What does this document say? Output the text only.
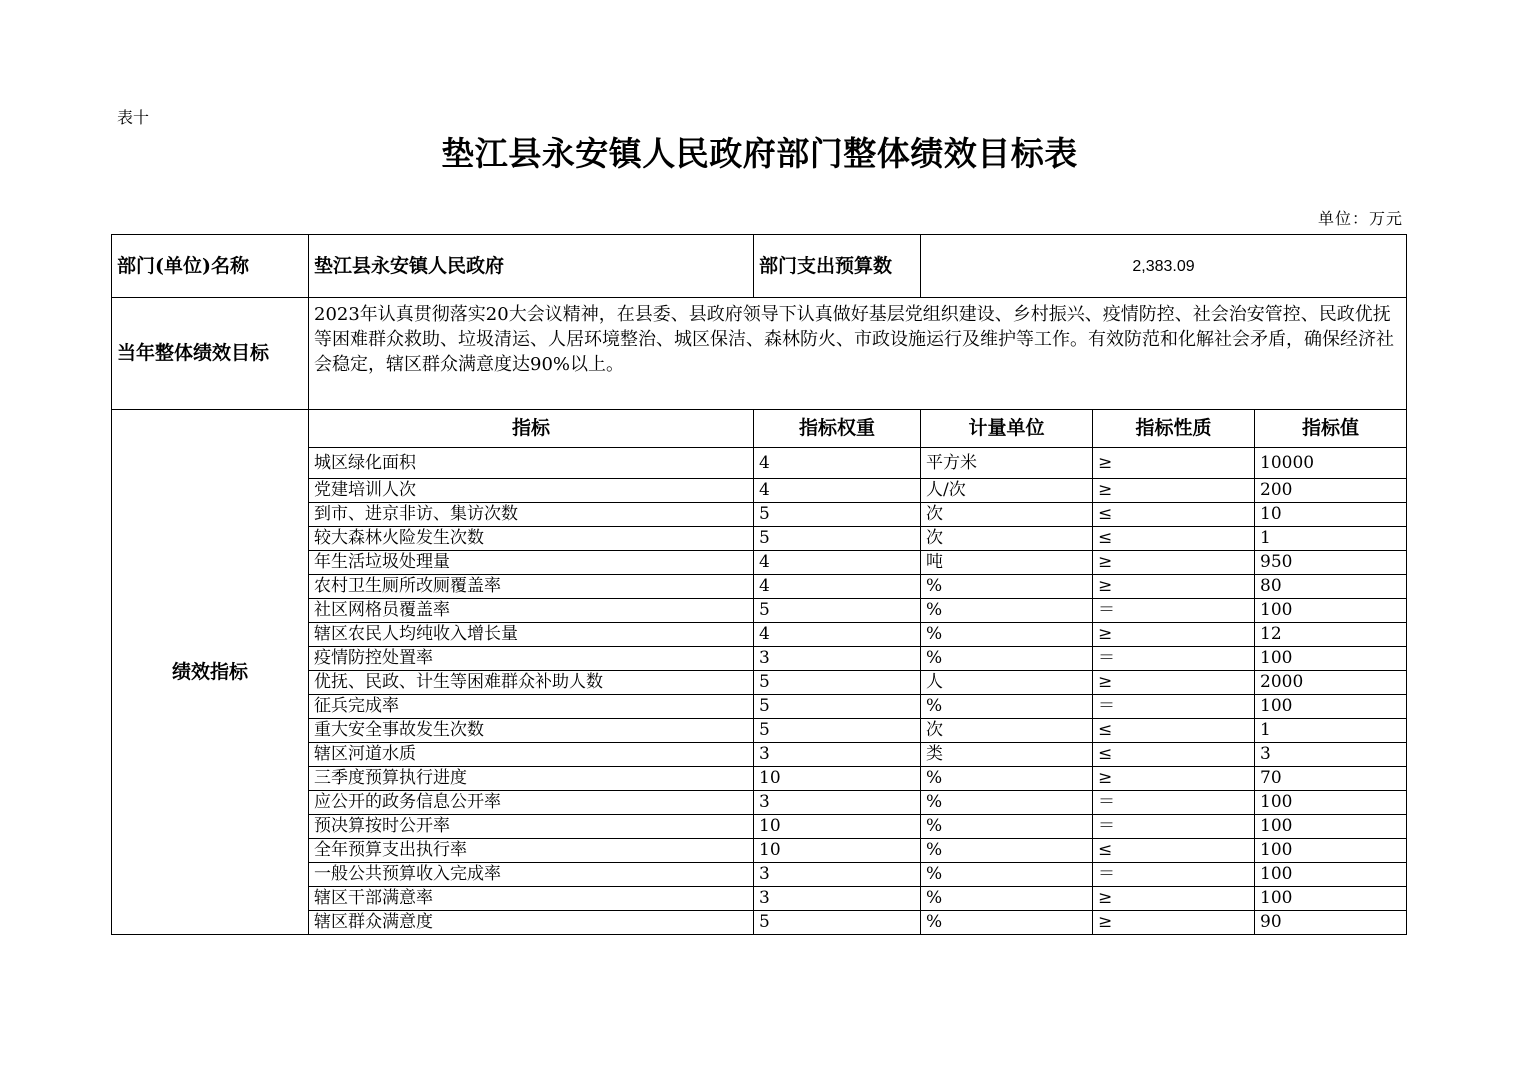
表十
垫江县永安镇人民政府部门整体绩效目标表
单位：万元
部门(单位)名称	垫江县永安镇人民政府	部门支出预算数	2,383.09		
当年整体绩效目标	2023年认真贯彻落实20大会议精神，在县委、县政府领导下认真做好基层党组织建设、乡村振兴、疫情防控、社会治安管控、民政优抚等困难群众救助、垃圾清运、人居环境整治、城区保洁、森林防火、市政设施运行及维护等工作。有效防范和化解社会矛盾，确保经济社会稳定，辖区群众满意度达90%以上。				
绩效指标	指标	指标权重	计量单位	指标性质	指标值
	城区绿化面积	4	平方米	≥	10000
	党建培训人次	4	人/次	≥	200
	到市、进京非访、集访次数	5	次	≤	10
	较大森林火险发生次数	5	次	≤	1
	年生活垃圾处理量	4	吨	≥	950
	农村卫生厕所改厕覆盖率	4	%	≥	80
	社区网格员覆盖率	5	%	＝	100
	辖区农民人均纯收入增长量	4	%	≥	12
	疫情防控处置率	3	%	＝	100
	优抚、民政、计生等困难群众补助人数	5	人	≥	2000
	征兵完成率	5	%	＝	100
	重大安全事故发生次数	5	次	≤	1
	辖区河道水质	3	类	≤	3
	三季度预算执行进度	10	%	≥	70
	应公开的政务信息公开率	3	%	＝	100
	预决算按时公开率	10	%	＝	100
	全年预算支出执行率	10	%	≤	100
	一般公共预算收入完成率	3	%	＝	100
	辖区干部满意率	3	%	≥	100
	辖区群众满意度	5	%	≥	90
